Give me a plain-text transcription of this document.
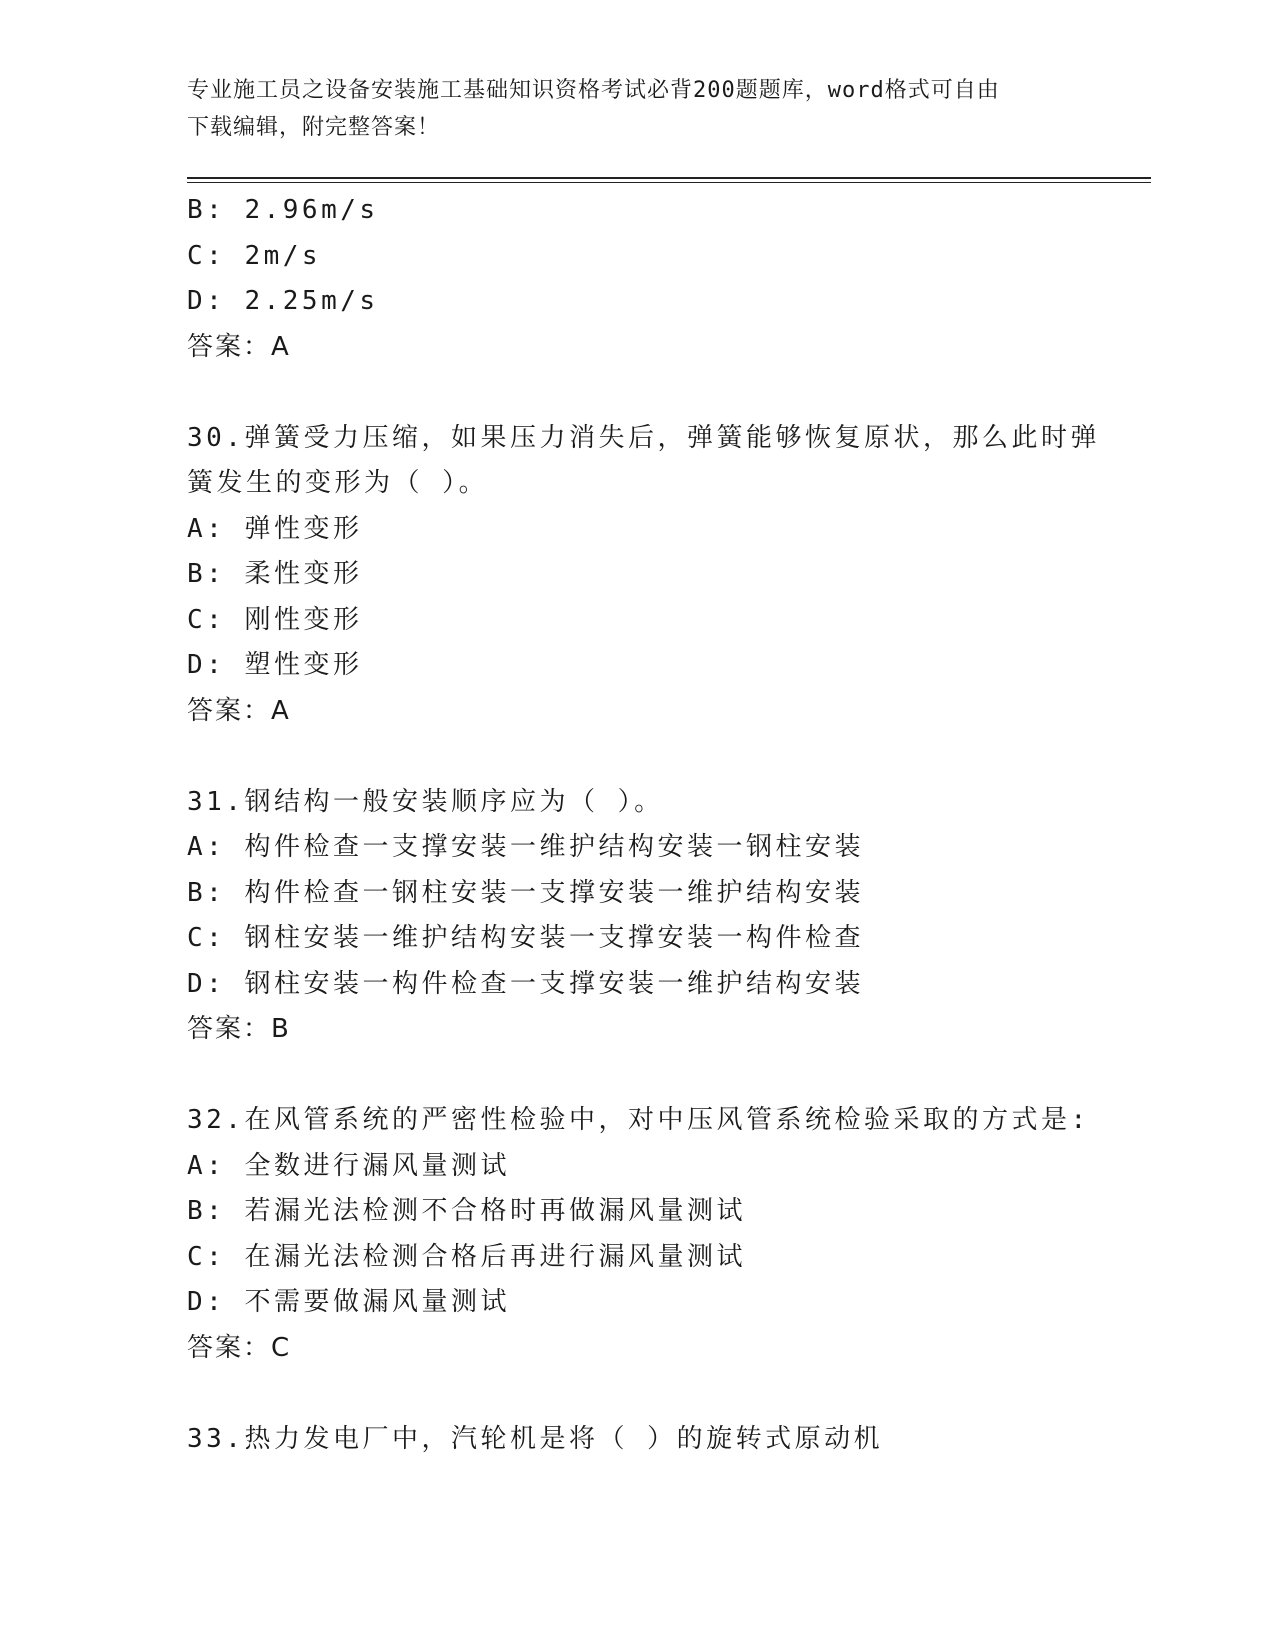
专业施工员之设备安装施工基础知识资格考试必背200题题库，word格式可自由
下载编辑，附完整答案！
B: 2.96m/s
C: 2m/s
D: 2.25m/s
答案：A
30.弹簧受力压缩，如果压力消失后，弹簧能够恢复原状，那么此时弹
簧发生的变形为（ ）。
A: 弹性变形
B: 柔性变形
C: 刚性变形
D: 塑性变形
答案：A
31.钢结构一般安装顺序应为（ ）。
A: 构件检查一支撑安装一维护结构安装一钢柱安装
B: 构件检查一钢柱安装一支撑安装一维护结构安装
C: 钢柱安装一维护结构安装一支撑安装一构件检查
D: 钢柱安装一构件检查一支撑安装一维护结构安装
答案：B
32.在风管系统的严密性检验中，对中压风管系统检验采取的方式是:
A: 全数进行漏风量测试
B: 若漏光法检测不合格时再做漏风量测试
C: 在漏光法检测合格后再进行漏风量测试
D: 不需要做漏风量测试
答案：C
33.热力发电厂中，汽轮机是将（ ）的旋转式原动机
